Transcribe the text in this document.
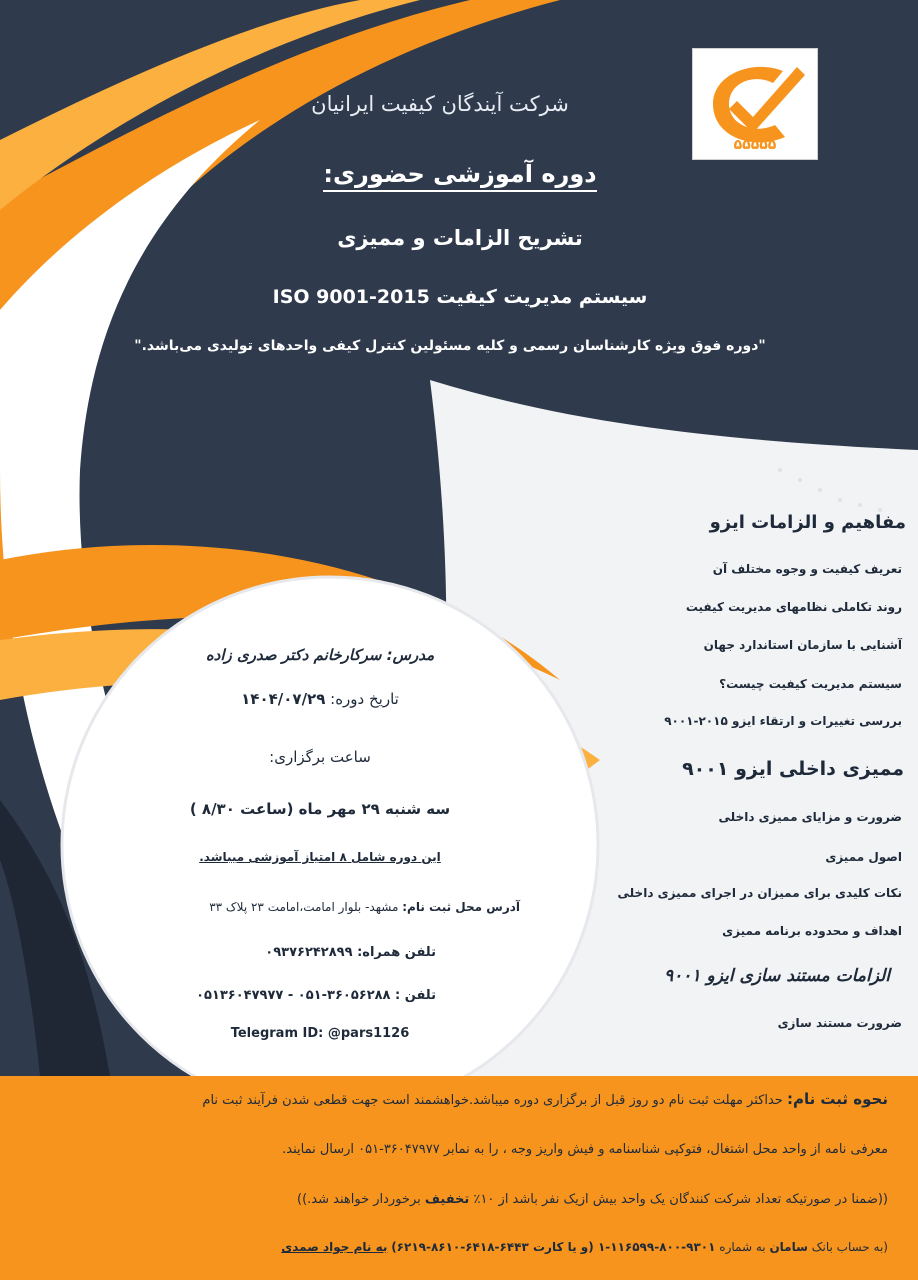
۵۵۵۵۵
شرکت آیندگان کیفیت ایرانیان
دوره آموزشی حضوری:
تشریح الزامات و ممیزی
سیستم مدیریت کیفیت ISO 9001-2015
"دوره فوق ویژه کارشناسان رسمی و کلیه مسئولین کنترل کیفی واحدهای تولیدی می‌باشد."
مفاهیم و الزامات ایزو
تعریف کیفیت و وجوه مختلف آن
روند تکاملی نظامهای مدیریت کیفیت
آشنایی با سازمان استاندارد جهان
سیستم مدیریت کیفیت چیست؟
بررسی تغییرات و ارتقاء ایزو ۲۰۱۵-۹۰۰۱
ممیزی داخلی ایزو ۹۰۰۱
ضرورت و مزایای ممیزی داخلی
اصول ممیزی
نکات کلیدی برای ممیزان در اجرای ممیزی داخلی
اهداف و محدوده برنامه ممیزی
الزامات مستند سازی ایزو ۹۰۰۱
ضرورت مستند سازی
مدرس: سرکارخانم دکتر صدری زاده
تاریخ دوره: ۱۴۰۴/۰۷/۲۹
ساعت برگزاری:
سه شنبه ۲۹ مهر ماه (ساعت ۸/۳۰ )
این دوره شامل ۸ امتیاز آموزشی میباشد.
آدرس محل ثبت نام: مشهد- بلوار امامت،امامت ۲۳ پلاک ۳۳
تلفن همراه: ۰۹۳۷۶۲۴۲۸۹۹
تلفن : ۳۶۰۵۶۲۸۸-۰۵۱ - ۰۵۱۳۶۰۴۷۹۷۷
Telegram ID: @pars1126
نحوه ثبت نام: حداکثر مهلت ثبت نام دو روز قبل از برگزاری دوره میباشد.خواهشمند است جهت قطعی شدن فرآیند ثبت نام
معرفی نامه از واحد محل اشتغال، فتوکپی شناسنامه و فیش واریز وجه ، را به نمابر ۳۶۰۴۷۹۷۷-۰۵۱ ارسال نمایند.
((ضمنا در صورتیکه تعداد شرکت کنندگان یک واحد بیش ازیک نفر باشد از ۱۰٪ تخفیف برخوردار خواهند شد.))
(به حساب بانک سامان به شماره ۹۳۰۱-۸۰۰-۱۱۶۵۹۹-۱ (و یا کارت ۶۴۴۳-۶۴۱۸-۸۶۱۰-۶۲۱۹) به نام جواد صمدی
